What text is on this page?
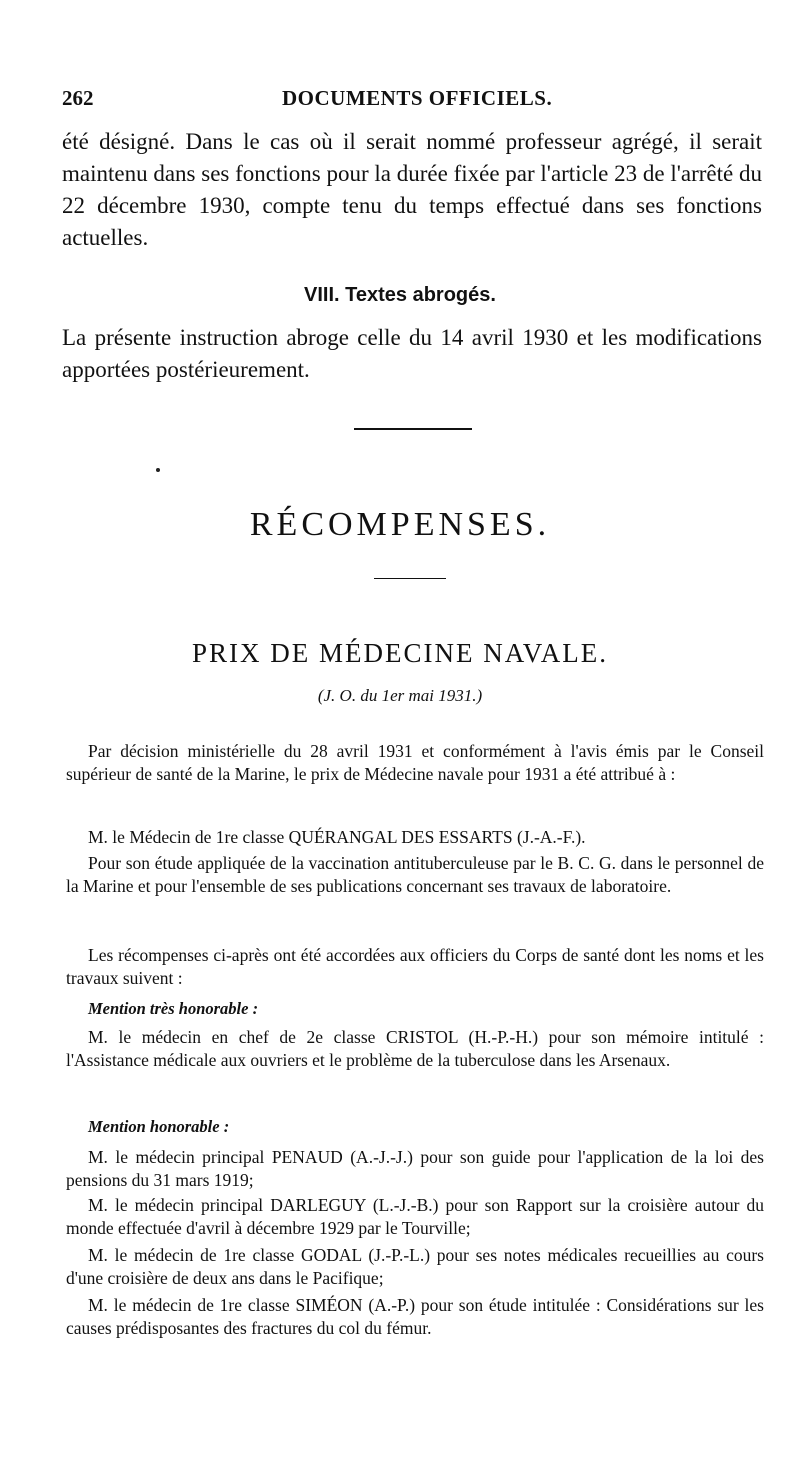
262	DOCUMENTS OFFICIELS.

été désigné. Dans le cas où il serait nommé professeur agrégé, il serait maintenu dans ses fonctions pour la durée fixée par l'article 23 de l'arrêté du 22 décembre 1930, compte tenu du temps effectué dans ses fonctions actuelles.

VIII. Textes abrogés.

La présente instruction abroge celle du 14 avril 1930 et les modifications apportées postérieurement.

RÉCOMPENSES.
PRIX DE MÉDECINE NAVALE.
(J. O. du 1er mai 1931.)

Par décision ministérielle du 28 avril 1931 et conformément à l'avis émis par le Conseil supérieur de santé de la Marine, le prix de Médecine navale pour 1931 a été attribué à :

M. le Médecin de 1re classe QUÉRANGAL DES ESSARTS (J.-A.-F.).

Pour son étude appliquée de la vaccination antituberculeuse par le B. C. G. dans le personnel de la Marine et pour l'ensemble de ses publications concernant ses travaux de laboratoire.

Les récompenses ci-après ont été accordées aux officiers du Corps de santé dont les noms et les travaux suivent :

Mention très honorable :

M. le médecin en chef de 2e classe CRISTOL (H.-P.-H.) pour son mémoire intitulé : l'Assistance médicale aux ouvriers et le problème de la tuberculose dans les Arsenaux.

Mention honorable :

M. le médecin principal PENAUD (A.-J.-J.) pour son guide pour l'application de la loi des pensions du 31 mars 1919;

M. le médecin principal DARLEGUY (L.-J.-B.) pour son Rapport sur la croisière autour du monde effectuée d'avril à décembre 1929 par le Tourville;

M. le médecin de 1re classe GODAL (J.-P.-L.) pour ses notes médicales recueillies au cours d'une croisière de deux ans dans le Pacifique;

M. le médecin de 1re classe SIMÉON (A.-P.) pour son étude intitulée : Considérations sur les causes prédisposantes des fractures du col du fémur.
